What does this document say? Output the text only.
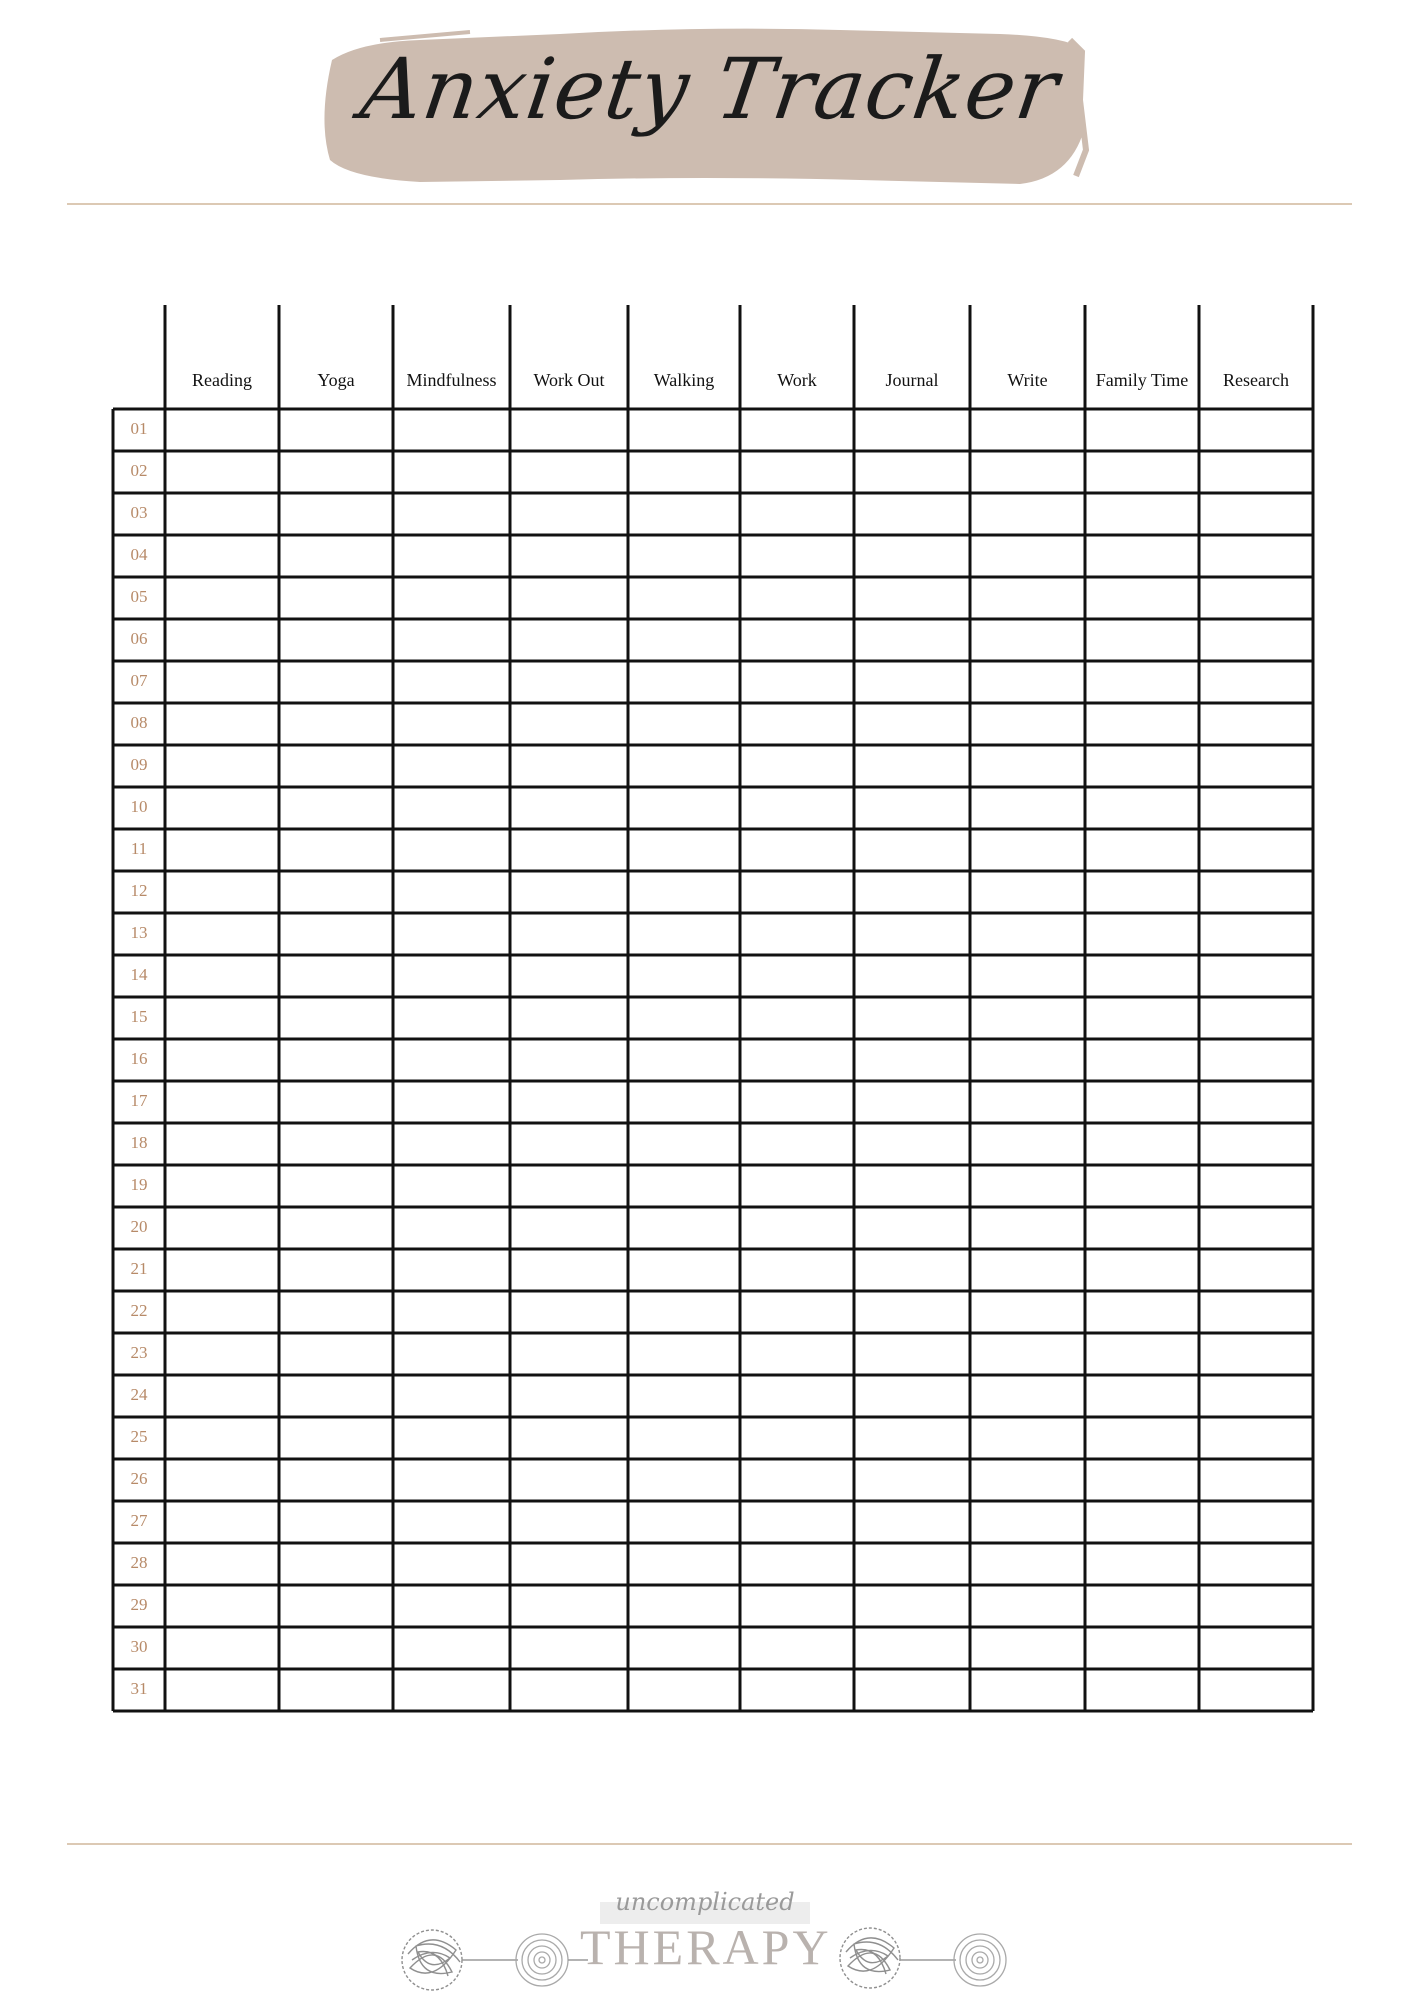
Anxiety Tracker
Reading	Yoga	Mindfulness	Work Out	Walking	Work	Journal	Write	Family Time	Research
01
02
03
04
05
06
07
08
09
10
11
12
13
14
15
16
17
18
19
20
21
22
23
24
25
26
27
28
29
30
31
uncomplicated
THERAPY
